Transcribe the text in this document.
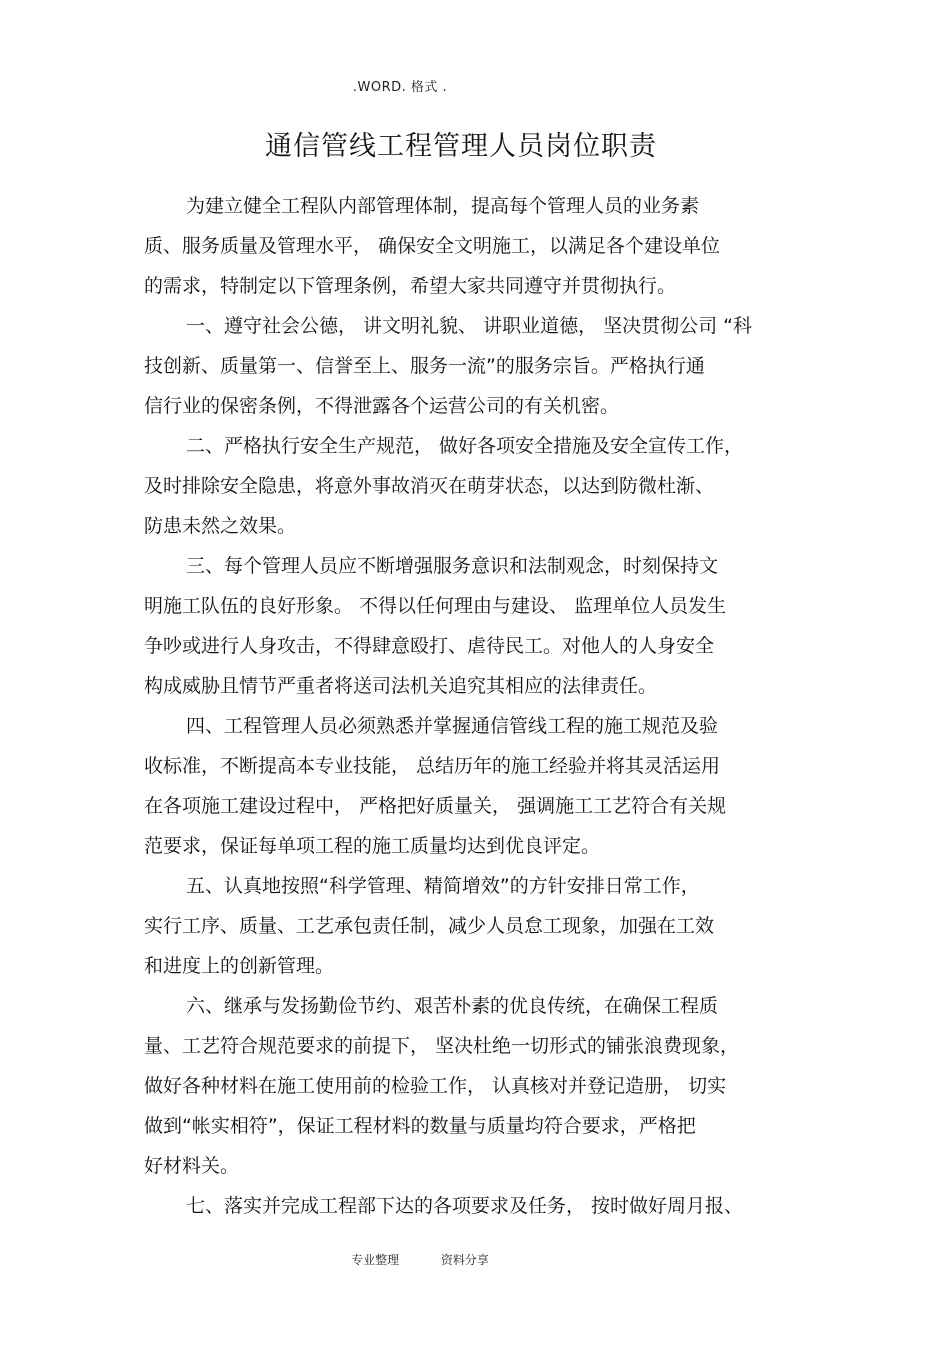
.WORD. 格式 .
通信管线工程管理人员岗位职责

为建立健全工程队内部管理体制，提高每个管理人员的业务素
质、服务质量及管理水平， 确保安全文明施工，以满足各个建设单位
的需求，特制定以下管理条例，希望大家共同遵守并贯彻执行。

一、遵守社会公德， 讲文明礼貌、 讲职业道德， 坚决贯彻公司 “科
技创新、质量第一、信誉至上、服务一流”的服务宗旨。严格执行通
信行业的保密条例，不得泄露各个运营公司的有关机密。

二、严格执行安全生产规范， 做好各项安全措施及安全宣传工作，
及时排除安全隐患，将意外事故消灭在萌芽状态，以达到防微杜渐、
防患未然之效果。

三、每个管理人员应不断增强服务意识和法制观念，时刻保持文
明施工队伍的良好形象。 不得以任何理由与建设、 监理单位人员发生
争吵或进行人身攻击，不得肆意殴打、虐待民工。对他人的人身安全
构成威胁且情节严重者将送司法机关追究其相应的法律责任。

四、工程管理人员必须熟悉并掌握通信管线工程的施工规范及验
收标准，不断提高本专业技能， 总结历年的施工经验并将其灵活运用
在各项施工建设过程中， 严格把好质量关， 强调施工工艺符合有关规
范要求，保证每单项工程的施工质量均达到优良评定。

五、认真地按照“科学管理、精简增效”的方针安排日常工作，
实行工序、质量、工艺承包责任制，减少人员怠工现象，加强在工效
和进度上的创新管理。

六、继承与发扬勤俭节约、艰苦朴素的优良传统，在确保工程质
量、工艺符合规范要求的前提下， 坚决杜绝一切形式的铺张浪费现象，
做好各种材料在施工使用前的检验工作， 认真核对并登记造册， 切实
做到“帐实相符”，保证工程材料的数量与质量均符合要求，严格把
好材料关。

七、落实并完成工程部下达的各项要求及任务， 按时做好周月报、

专业整理	资料分享
